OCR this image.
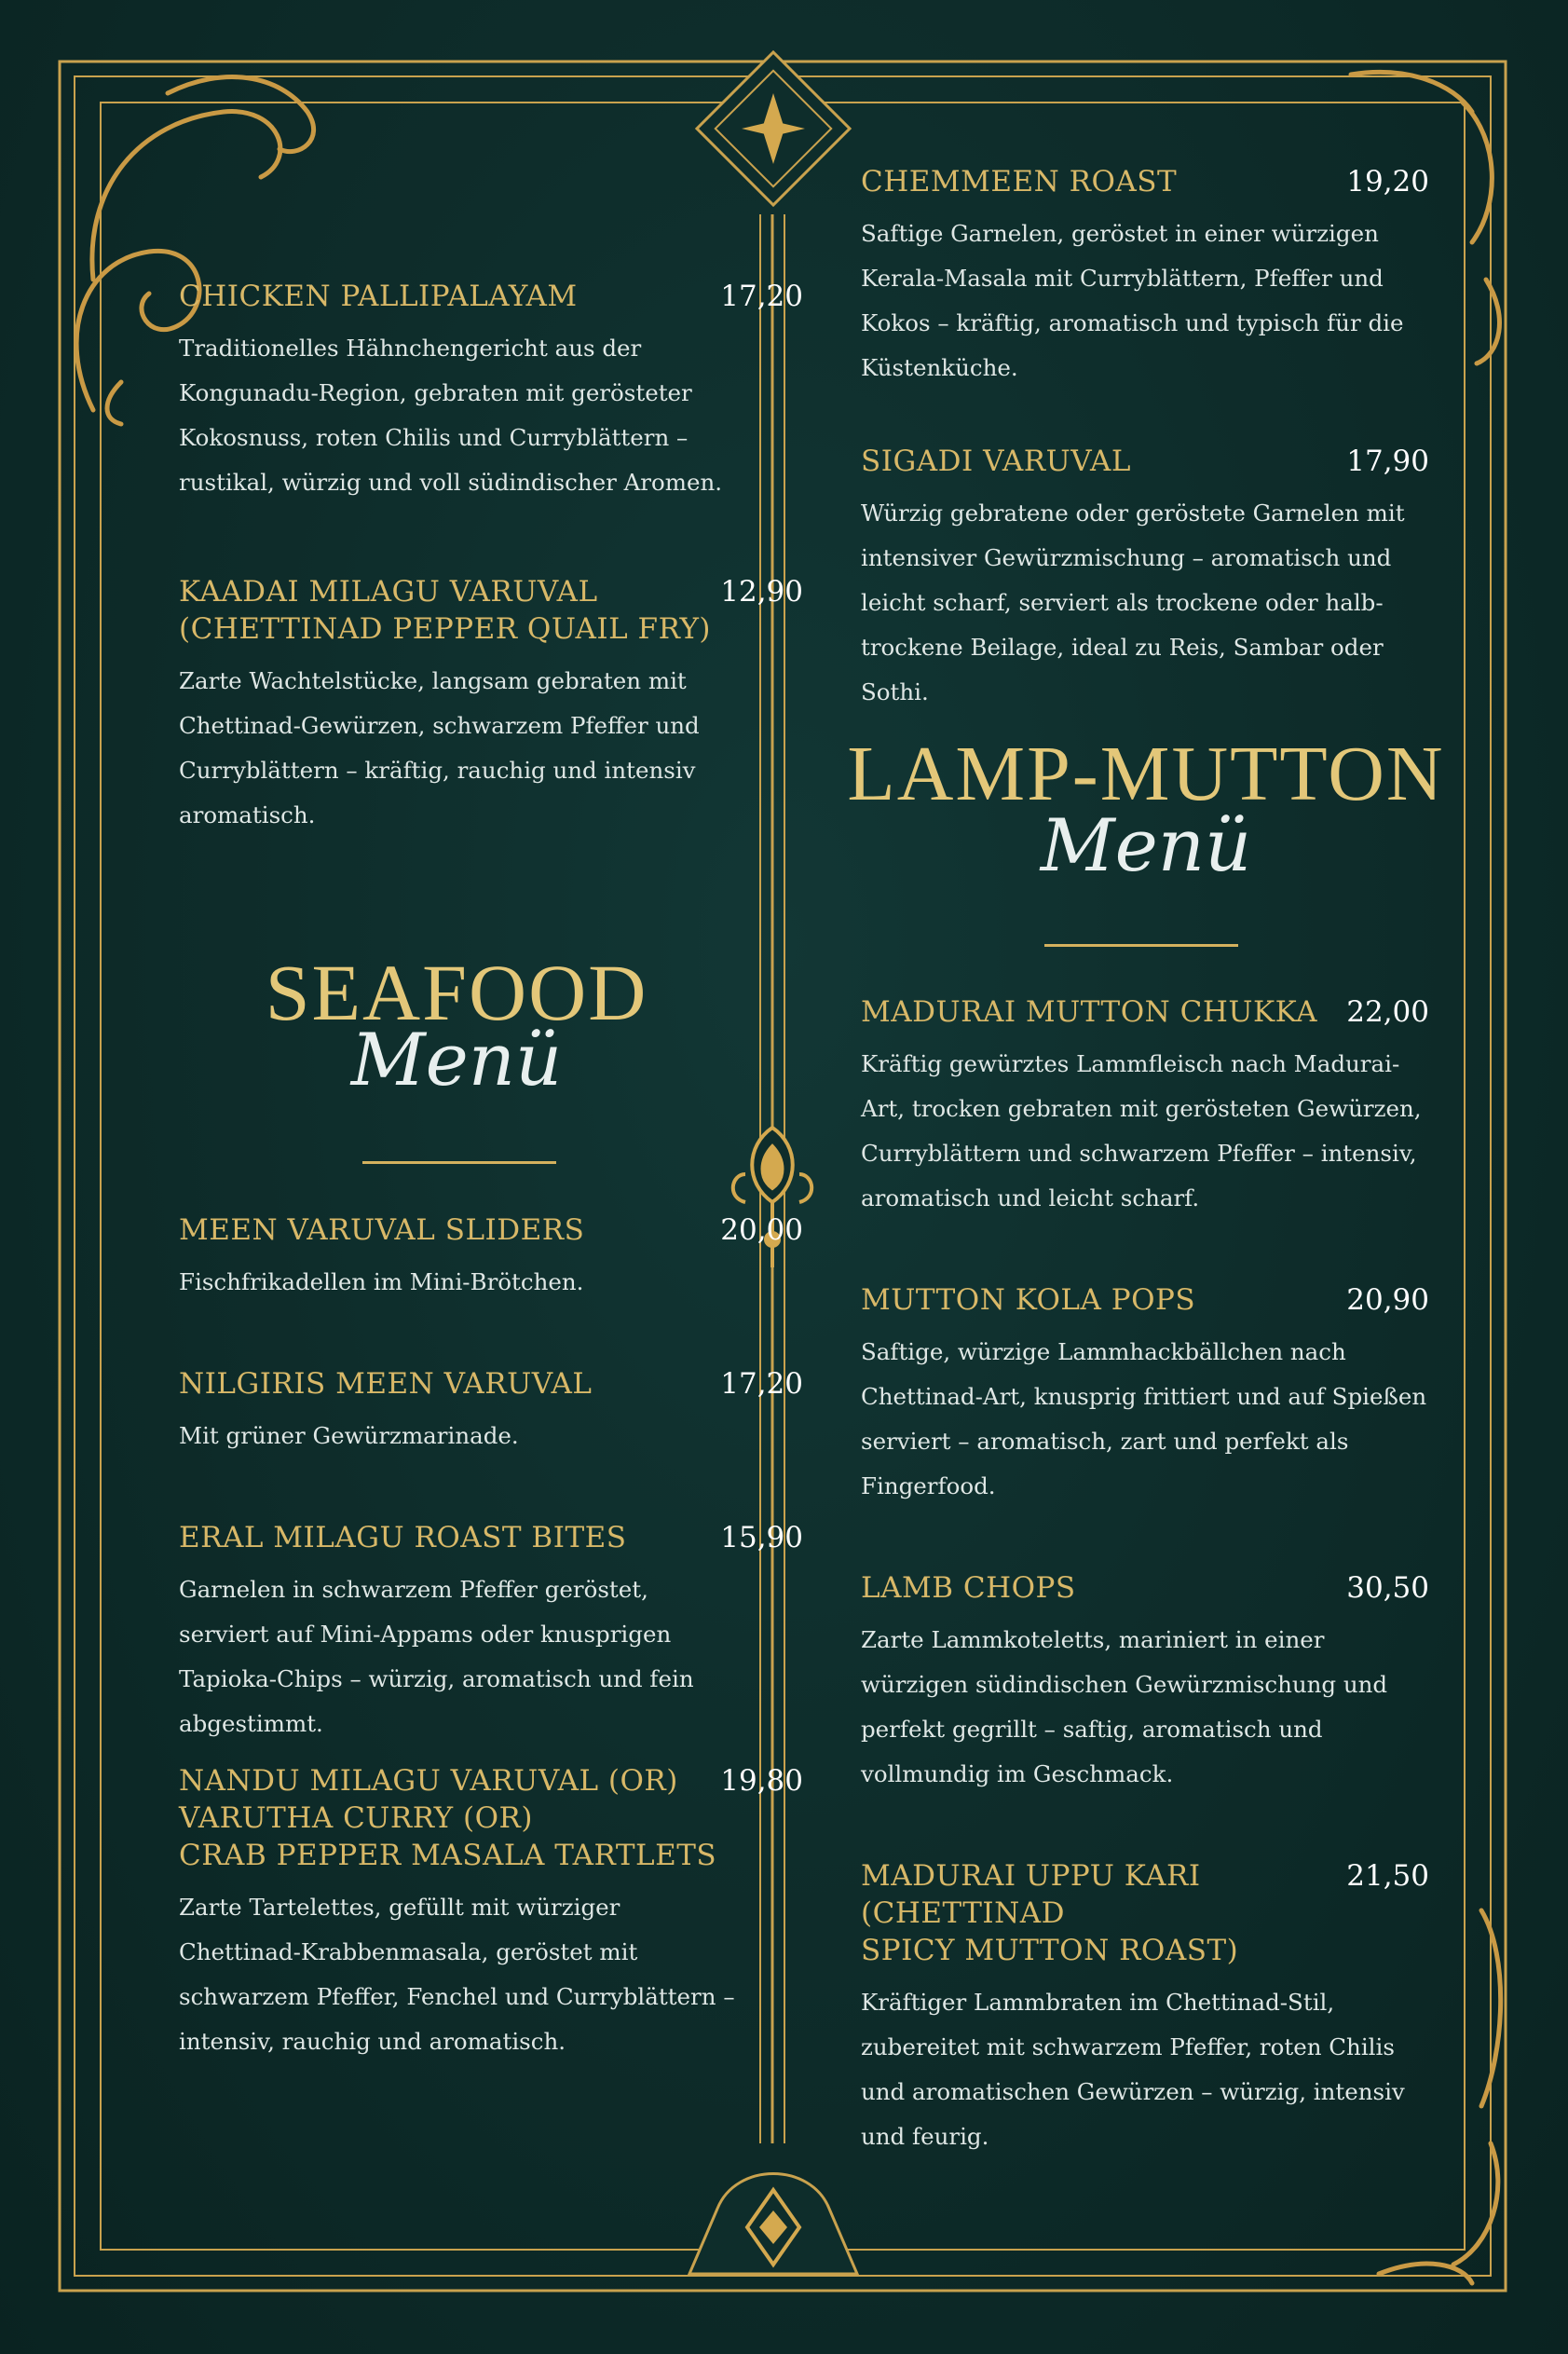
CHICKEN PALLIPALAYAM	17,20
Traditionelles Hähnchengericht aus der Kongunadu-Region, gebraten mit gerösteter Kokosnuss, roten Chilis und Curryblättern – rustikal, würzig und voll südindischer Aromen.
KAADAI MILAGU VARUVAL
(CHETTINAD PEPPER QUAIL FRY)
12,90
Zarte Wachtelstücke, langsam gebraten mit Chettinad-Gewürzen, schwarzem Pfeffer und Curryblättern – kräftig, rauchig und intensiv aromatisch.
SEAFOOD
Menü
MEEN VARUVAL SLIDERS	20,00
Fischfrikadellen im Mini-Brötchen.
NILGIRIS MEEN VARUVAL	17,20
Mit grüner Gewürzmarinade.
ERAL MILAGU ROAST BITES	15,90
Garnelen in schwarzem Pfeffer geröstet, serviert auf Mini-Appams oder knusprigen Tapioka-Chips – würzig, aromatisch und fein abgestimmt.
NANDU MILAGU VARUVAL (OR)
VARUTHA CURRY (OR)
CRAB PEPPER MASALA TARTLETS
19,80
Zarte Tartelettes, gefüllt mit würziger Chettinad-Krabbenmasala, geröstet mit schwarzem Pfeffer, Fenchel und Curryblättern – intensiv, rauchig und aromatisch.
CHEMMEEN ROAST	19,20
Saftige Garnelen, geröstet in einer würzigen Kerala-Masala mit Curryblättern, Pfeffer und Kokos – kräftig, aromatisch und typisch für die Küstenküche.
SIGADI VARUVAL	17,90
Würzig gebratene oder geröstete Garnelen mit intensiver Gewürzmischung – aromatisch und leicht scharf, serviert als trockene oder halb-trockene Beilage, ideal zu Reis, Sambar oder Sothi.
LAMP-MUTTON
Menü
MADURAI MUTTON CHUKKA	22,00
Kräftig gewürztes Lammfleisch nach Madurai-Art, trocken gebraten mit gerösteten Gewürzen, Curryblättern und schwarzem Pfeffer – intensiv, aromatisch und leicht scharf.
MUTTON KOLA POPS	20,90
Saftige, würzige Lammhackbällchen nach Chettinad-Art, knusprig frittiert und auf Spießen serviert – aromatisch, zart und perfekt als Fingerfood.
LAMB CHOPS	30,50
Zarte Lammkoteletts, mariniert in einer würzigen südindischen Gewürzmischung und perfekt gegrillt – saftig, aromatisch und vollmundig im Geschmack.
MADURAI UPPU KARI
(CHETTINAD
SPICY MUTTON ROAST)
21,50
Kräftiger Lammbraten im Chettinad-Stil, zubereitet mit schwarzem Pfeffer, roten Chilis und aromatischen Gewürzen – würzig, intensiv und feurig.
